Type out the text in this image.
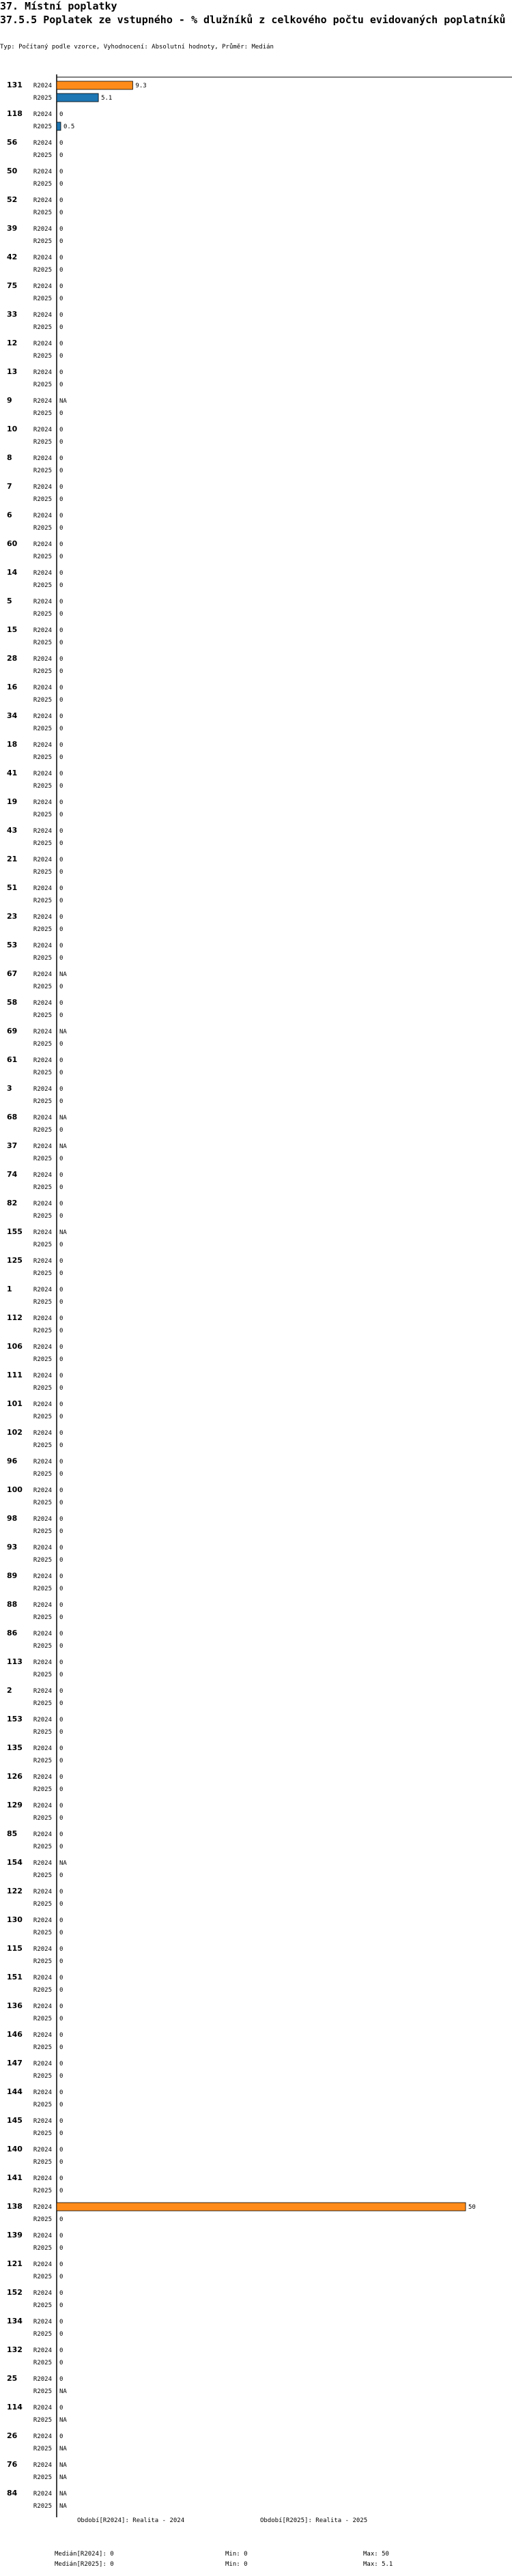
37. Místní poplatky
37.5.5 Poplatek ze vstupného - % dlužníků z celkového počtu evidovaných poplatníků
Typ: Počítaný podle vzorce, Vyhodnocení: Absolutní hodnoty, Průměr: Medián
131 R2024	9.3
R2025	5.1
118 R2024 0
R2025 0.5
56	R2024 0
R2025 0
50	R2024 0
R2025 0
52	R2024 0
R2025 0
39	R2024 0
R2025 0
42	R2024 0
R2025 0
75	R2024 0
R2025 0
33	R2024 0
R2025 0
12	R2024 0
R2025 0
13	R2024 0
R2025 0
9	R2024 NA
R2025 0
10	R2024 0
R2025 0
8	R2024 0
R2025 0
7	R2024 0
R2025 0
6	R2024 0
R2025 0
60	R2024 0
R2025 0
14	R2024 0
R2025 0
5	R2024 0
R2025 0
15	R2024 0
R2025 0
28	R2024 0
R2025 0
16	R2024 0
R2025 0
34	R2024 0
R2025 0
18	R2024 0
R2025 0
41	R2024 0
R2025 0
19	R2024 0
R2025 0
43	R2024 0
R2025 0
21	R2024 0
R2025 0
51	R2024 0
R2025 0
23	R2024 0
R2025 0
53	R2024 0
R2025 0
67	R2024 NA
R2025 0
58	R2024 0
R2025 0
69	R2024 NA
R2025 0
61	R2024 0
R2025 0
3	R2024 0
R2025 0
68	R2024 NA
R2025 0
37	R2024 NA
R2025 0
74	R2024 0
R2025 0
82	R2024 0
R2025 0
155 R2024 NA
R2025 0
125 R2024 0
R2025 0
1	R2024 0
R2025 0
112 R2024 0
R2025 0
106 R2024 0
R2025 0
111 R2024 0
R2025 0
101 R2024 0
R2025 0
102 R2024 0
R2025 0
96	R2024 0
R2025 0
100 R2024 0
R2025 0
98	R2024 0
R2025 0
93	R2024 0
R2025 0
89	R2024 0
R2025 0
88	R2024 0
R2025 0
86	R2024 0
R2025 0
113 R2024 0
R2025 0
2	R2024 0
R2025 0
153 R2024 0
R2025 0
135 R2024 0
R2025 0
126 R2024 0
R2025 0
129 R2024 0
R2025 0
85	R2024 0
R2025 0
154 R2024 NA
R2025 0
122 R2024 0
R2025 0
130 R2024 0
R2025 0
115 R2024 0
R2025 0
151 R2024 0
R2025 0
136 R2024 0
R2025 0
146 R2024 0
R2025 0
147 R2024 0
R2025 0
144 R2024 0
R2025 0
145 R2024 0
R2025 0
140 R2024 0
R2025 0
141 R2024 0
R2025 0
138 R2024	50
R2025 0
139 R2024 0
R2025 0
121 R2024 0
R2025 0
152 R2024 0
R2025 0
134 R2024 0
R2025 0
132 R2024 0
R2025 0
25	R2024 0
R2025 NA
114 R2024 0
R2025 NA
26	R2024 0
R2025 NA
76	R2024 NA
R2025 NA
84	R2024 NA
R2025 NA
Období[R2024]: Realita - 2024	Období[R2025]: Realita - 2025
Medián[R2024]: 0	Min: 0	Max: 50
Medián[R2025]: 0	Min: 0	Max: 5.1
